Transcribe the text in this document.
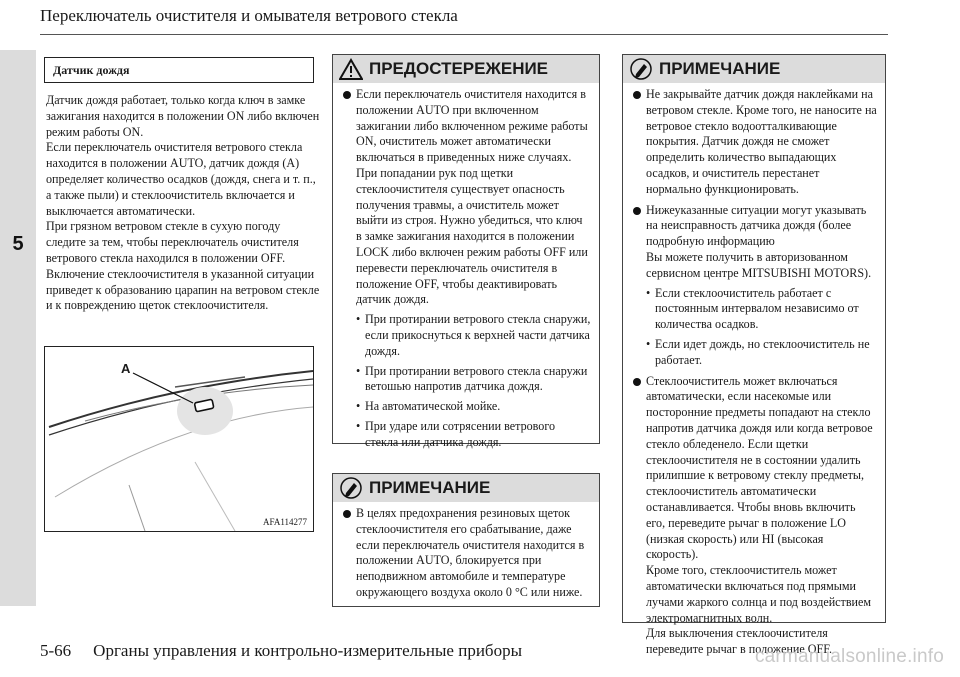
Переключатель очистителя и омывателя ветрового стекла
5
Датчик дождя

Датчик дождя работает, только когда ключ в замке зажигания находится в положении ON либо включен режим работы ON.

Если переключатель очистителя ветрового стекла находится в положении AUTO, датчик дождя (A) определяет количество осадков (дождя, снега и т. п., а также пыли) и стеклоочиститель включается и выключается автоматически.

При грязном ветровом стекле в сухую погоду следите за тем, чтобы переключатель очистителя ветрового стекла находился в положении OFF.

Включение стеклоочистителя в указанной ситуации приведет к образованию царапин на ветровом стекле и к повреждению щеток стеклоочистителя.

A
AFA114277
ПРЕДОСТЕРЕЖЕНИЕ

Если переключатель очистителя находится в положении AUTO при включенном зажигании либо включенном режиме работы ON, очиститель может автоматически включаться в приведенных ниже случаях.

При попадании рук под щетки стеклоочистителя существует опасность получения травмы, а очиститель может выйти из строя. Нужно убедиться, что ключ в замке зажигания находится в положении LOCK либо включен режим работы OFF или перевести переключатель очистителя в положение OFF, чтобы деактивировать датчик дождя.

• При протирании ветрового стекла снаружи, если прикоснуться к верхней части датчика дождя.

• При протирании ветрового стекла снаружи ветошью напротив датчика дождя.

• На автоматической мойке.

• При ударе или сотрясении ветрового стекла или датчика дождя.

ПРИМЕЧАНИЕ

В целях предохранения резиновых щеток стеклоочистителя его срабатывание, даже если переключатель очистителя находится в положении AUTO, блокируется при неподвижном автомобиле и температуре окружающего воздуха около 0 °C или ниже.

ПРИМЕЧАНИЕ

Не закрывайте датчик дождя наклейками на ветровом стекле. Кроме того, не наносите на ветровое стекло водоотталкивающие покрытия. Датчик дождя не сможет определить количество выпадающих осадков, и очиститель перестанет нормально функционировать.

Нижеуказанные ситуации могут указывать на неисправность датчика дождя (более подробную информацию

Вы можете получить в авторизованном сервисном центре MITSUBISHI MOTORS).

• Если стеклоочиститель работает с постоянным интервалом независимо от количества осадков.

• Если идет дождь, но стеклоочиститель не работает.

Стеклоочиститель может включаться автоматически, если насекомые или посторонние предметы попадают на стекло напротив датчика дождя или когда ветровое стекло обледенело. Если щетки стеклоочистителя не в состоянии удалить прилипшие к ветровому стеклу предметы, стеклоочиститель автоматически останавливается. Чтобы вновь включить его, переведите рычаг в положение LO (низкая скорость) или HI (высокая скорость).

Кроме того, стеклоочиститель может автоматически включаться под прямыми лучами жаркого солнца и под воздействием электромагнитных волн.

Для выключения стеклоочистителя переведите рычаг в положение OFF.

5-66 Органы управления и контрольно-измерительные приборы	carmanualsonline.info
